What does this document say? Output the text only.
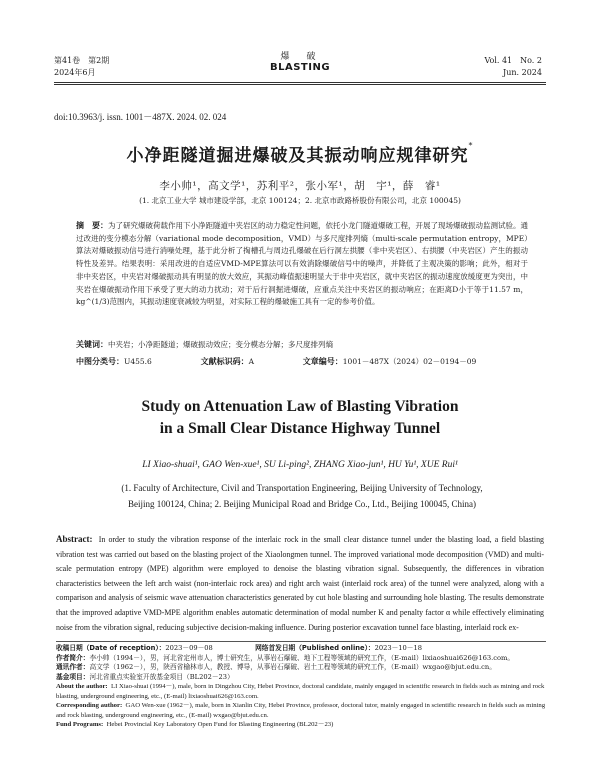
第41卷　第2期
2024年6月
爆　破
BLASTING
Vol. 41　No. 2
Jun. 2024
doi:10.3963/j. issn. 1001－487X. 2024. 02. 024
小净距隧道掘进爆破及其振动响应规律研究*
李小帅¹，高文学¹，苏利平²，张小军¹，胡　宇¹，薛　睿¹
(1. 北京工业大学 城市建设学部，北京 100124；2. 北京市政路桥股份有限公司，北京 100045)
摘　要：为了研究爆破荷载作用下小净距隧道中夹岩区的动力稳定性问题，依托小龙门隧道爆破工程，开展了现场爆破振动监测试验。通过改进的变分模态分解（variational mode decomposition，VMD）与多尺度排列熵（multi-scale permutation entropy，MPE）算法对爆破振动信号进行消噪处理，基于此分析了掏槽孔与周边孔爆破在后行洞左拱腰（非中夹岩区）、右拱腰（中夹岩区）产生的振动特性及差异。结果表明：采用改进的自适应VMD-MPE算法可以有效消除爆破信号中的噪声，并降低了主观决策的影响；此外，相对于非中夹岩区，中夹岩对爆破振动具有明显的放大效应，其振动峰值振速明显大于非中夹岩区，就中夹岩区的振动速度放缓度更为突出，中夹岩在爆破振动作用下承受了更大的动力扰动；对于后行洞掘进爆破，应重点关注中夹岩区的振动响应；在距离D小于等于11.57 m，kg^(1/3)范围内，其振动速度衰减较为明显，对实际工程的爆破施工具有一定的参考价值。
关键词：中夹岩；小净距隧道；爆破振动效应；变分模态分解；多尺度排列熵
中图分类号：U455.6	文献标识码：A	文章编号：1001－487X（2024）02－0194－09
Study on Attenuation Law of Blasting Vibration
in a Small Clear Distance Highway Tunnel
LI Xiao-shuai¹, GAO Wen-xue¹, SU Li-ping², ZHANG Xiao-jun¹, HU Yu¹, XUE Rui¹
(1. Faculty of Architecture, Civil and Transportation Engineering, Beijing University of Technology,
Beijing 100124, China; 2. Beijing Municipal Road and Bridge Co., Ltd., Beijing 100045, China)
Abstract: In order to study the vibration response of the interlaic rock in the small clear distance tunnel under the blasting load, a field blasting vibration test was carried out based on the blasting project of the Xiaolongmen tunnel. The improved variational mode decomposition (VMD) and multi-scale permutation entropy (MPE) algorithm were employed to denoise the blasting vibration signal. Subsequently, the differences in vibration characteristics between the left arch waist (non-interlaic rock area) and right arch waist (interlaid rock area) of the tunnel were analyzed, along with a comparison and analysis of seismic wave attenuation characteristics generated by cut hole blasting and surrounding hole blasting. The results demonstrate that the improved adaptive VMD-MPE algorithm enables automatic determination of modal number K and penalty factor α while effectively eliminating noise from the vibration signal, reducing subjective decision-making influence. During posterior excavation tunnel face blasting, interlaid rock ex-
收稿日期（Date of reception）：2023－09－08	网络首发日期（Published online）：2023－10－18
作者简介：李小帅（1994－），男，河北省定州市人，博士研究生，从事岩石爆破、地下工程等领域的研究工作，（E-mail）lixiaoshuai626@163.com。
通讯作者：高文学（1962－），男，陕西省榆林市人，教授、博导，从事岩石爆破、岩土工程等领域的研究工作，（E-mail）wxgao@bjut.edu.cn。
基金项目：河北省重点实验室开放基金项目（BL202－23）
About the author: LI Xiao-shuai (1994－), male, born in Dingzhou City, Hebei Province, doctoral candidate, mainly engaged in scientific research in fields such as mining and rock blasting, underground engineering, etc., (E-mail) lixiaoshuai626@163.com.
Corresponding author: GAO Wen-xue (1962－), male, born in Xianlin City, Hebei Province, professor, doctoral tutor, mainly engaged in scientific research in fields such as mining and rock blasting, underground engineering, etc., (E-mail) wxgao@bjut.edu.cn.
Fund Programs: Hebei Provincial Key Laboratory Open Fund for Blasting Engineering (BL202－23)
